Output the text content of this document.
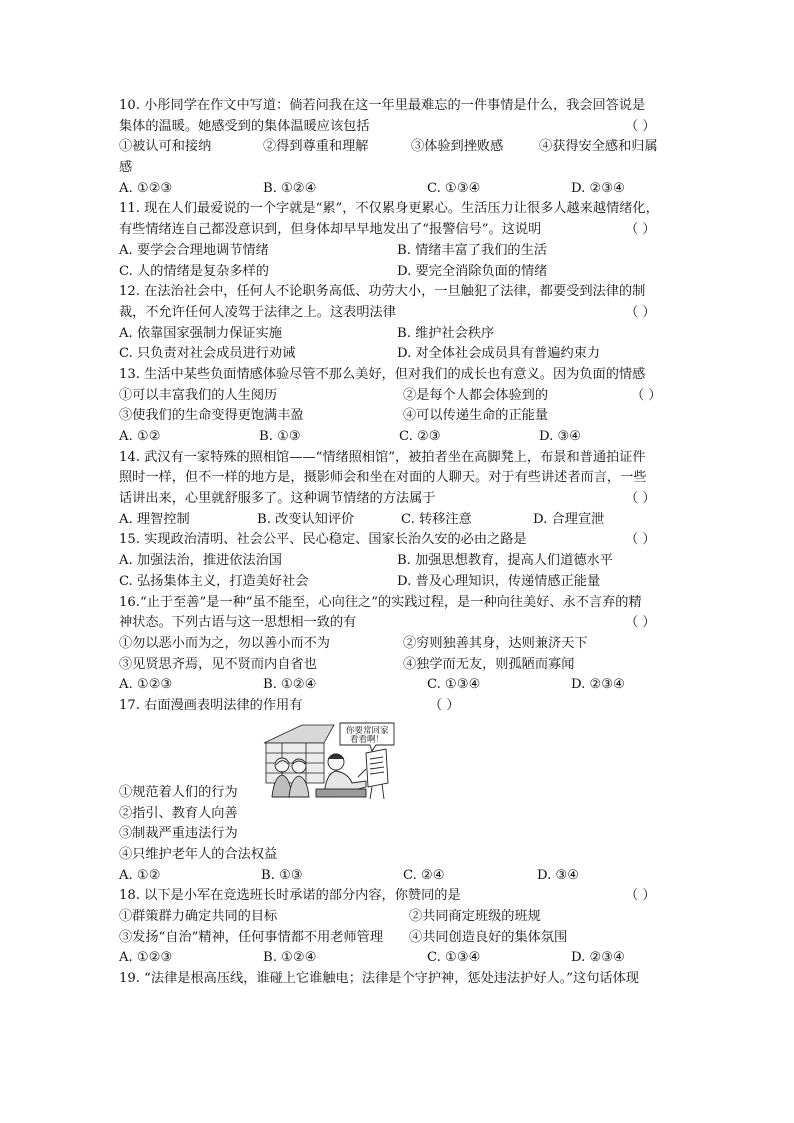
10. 小彤同学在作文中写道：倘若问我在这一年里最难忘的一件事情是什么，我会回答说是
集体的温暖。她感受到的集体温暖应该包括	（ ）
①被认可和接纳	②得到尊重和理解	③体验到挫败感	④获得安全感和归属
感
A. ①②③	B. ①②④	C. ①③④	D. ②③④
11. 现在人们最爱说的一个字就是“累”，不仅累身更累心。生活压力让很多人越来越情绪化，
有些情绪连自己都没意识到，但身体却早早地发出了“报警信号”。这说明	（ ）
A. 要学会合理地调节情绪	B. 情绪丰富了我们的生活
C. 人的情绪是复杂多样的	D. 要完全消除负面的情绪
12. 在法治社会中，任何人不论职务高低、功劳大小，一旦触犯了法律，都要受到法律的制
裁，不允许任何人凌驾于法律之上。这表明法律	（ ）
A. 依靠国家强制力保证实施	B. 维护社会秩序
C. 只负责对社会成员进行劝诫	D. 对全体社会成员具有普遍约束力
13. 生活中某些负面情感体验尽管不那么美好，但对我们的成长也有意义。因为负面的情感
①可以丰富我们的人生阅历	②是每个人都会体验到的	（ ）
③使我们的生命变得更饱满丰盈	④可以传递生命的正能量
A. ①②	B. ①③	C. ②③	D. ③④
14. 武汉有一家特殊的照相馆——“情绪照相馆”，被拍者坐在高脚凳上，布景和普通拍证件
照时一样，但不一样的地方是，摄影师会和坐在对面的人聊天。对于有些讲述者而言，一些
话讲出来，心里就舒服多了。这种调节情绪的方法属于	（ ）
A. 理智控制	B. 改变认知评价	C. 转移注意	D. 合理宣泄
15. 实现政治清明、社会公平、民心稳定、国家长治久安的必由之路是	（ ）
A. 加强法治，推进依法治国	B. 加强思想教育，提高人们道德水平
C. 弘扬集体主义，打造美好社会	D. 普及心理知识，传递情感正能量
16.“止于至善”是一种“虽不能至，心向往之”的实践过程，是一种向往美好、永不言弃的精
神状态。下列古语与这一思想相一致的有	（ ）
①勿以恶小而为之，勿以善小而不为	②穷则独善其身，达则兼济天下
③见贤思齐焉，见不贤而内自省也	④独学而无友，则孤陋而寡闻
A. ①②③	B. ①②④	C. ①③④	D. ②③④
17. 右面漫画表明法律的作用有	（ ）
你要常回家
看看啊！
①规范着人们的行为
②指引、教育人向善
③制裁严重违法行为
④只维护老年人的合法权益
A. ①②	B. ①③	C. ②④	D. ③④
18. 以下是小军在竞选班长时承诺的部分内容，你赞同的是	（ ）
①群策群力确定共同的目标	②共同商定班级的班规
③发扬“自治”精神，任何事情都不用老师管理 ④共同创造良好的集体氛围
A. ①②③	B. ①②④	C. ①③④	D. ②③④
19. “法律是根高压线，谁碰上它谁触电；法律是个守护神，惩处违法护好人。”这句话体现
